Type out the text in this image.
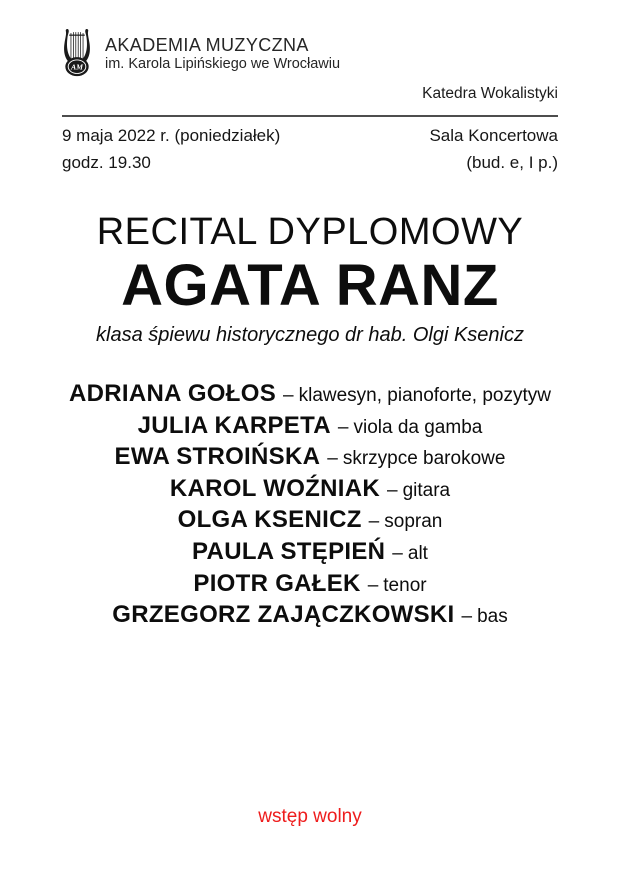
AM
AKADEMIA MUZYCZNA
im. Karola Lipińskiego we Wrocławiu
Katedra Wokalistyki
9 maja 2022 r. (poniedziałek)
godz. 19.30
Sala Koncertowa
(bud. e, I p.)
RECITAL DYPLOMOWY
AGATA RANZ
klasa śpiewu historycznego dr hab. Olgi Ksenicz
ADRIANA GOŁOS – klawesyn, pianoforte, pozytyw
JULIA KARPETA – viola da gamba
EWA STROIŃSKA – skrzypce barokowe
KAROL WOŹNIAK – gitara
OLGA KSENICZ – sopran
PAULA STĘPIEŃ – alt
PIOTR GAŁEK – tenor
GRZEGORZ ZAJĄCZKOWSKI – bas
wstęp wolny
